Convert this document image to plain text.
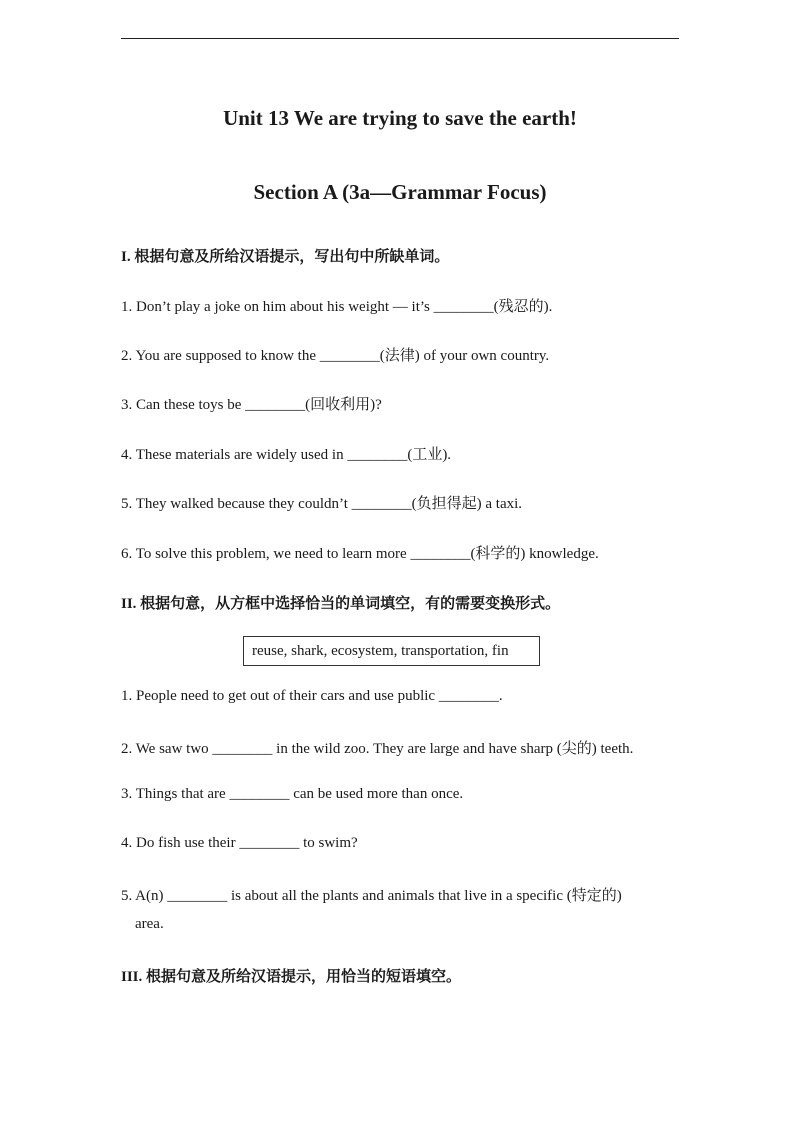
Unit 13 We are trying to save the earth!
Section A (3a—Grammar Focus)
I. 根据句意及所给汉语提示，写出句中所缺单词。
1. Don’t play a joke on him about his weight — it’s ________(残忍的).
2. You are supposed to know the ________(法律) of your own country.
3. Can these toys be ________(回收利用)?
4. These materials are widely used in ________(工业).
5. They walked because they couldn’t ________(负担得起) a taxi.
6. To solve this problem, we need to learn more ________(科学的) knowledge.
II. 根据句意，从方框中选择恰当的单词填空，有的需要变换形式。
reuse, shark, ecosystem, transportation, fin
1. People need to get out of their cars and use public ________.
2. We saw two ________ in the wild zoo. They are large and have sharp (尖的) teeth.
3. Things that are ________ can be used more than once.
4. Do fish use their ________ to swim?
5. A(n) ________ is about all the plants and animals that live in a specific (特定的)
area.
III. 根据句意及所给汉语提示，用恰当的短语填空。
